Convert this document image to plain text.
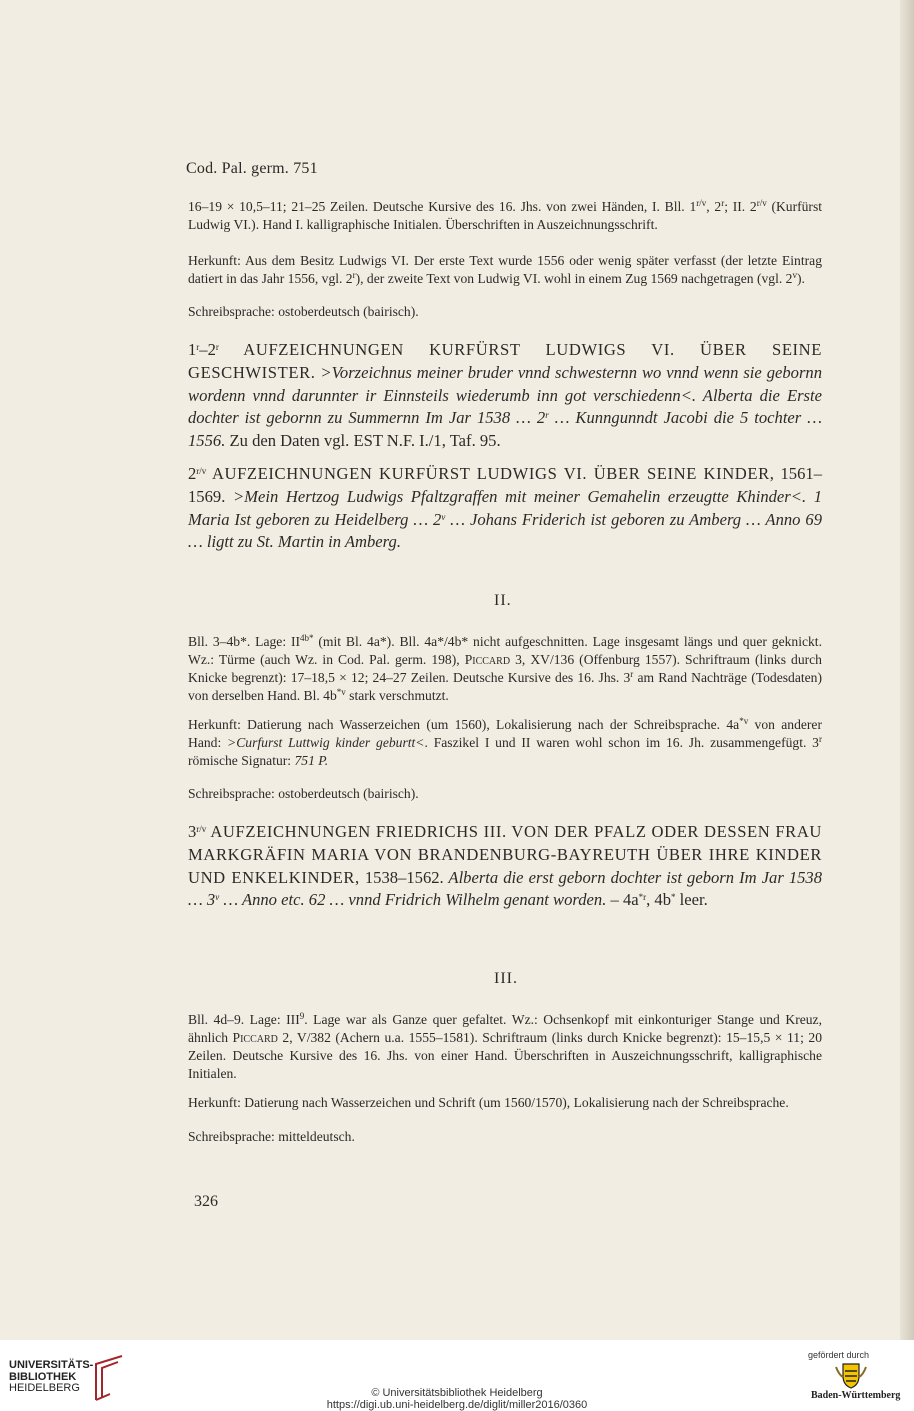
Cod. Pal. germ. 751

16–19 × 10,5–11; 21–25 Zeilen. Deutsche Kursive des 16. Jhs. von zwei Händen, I. Bll. $1^{r/v}$, 2$^r$; II. $2^{r/v}$ (Kurfürst Ludwig VI.). Hand I. kalligraphische Initialen. Überschriften in Auszeichnungsschrift.

Herkunft: Aus dem Besitz Ludwigs VI. Der erste Text wurde 1556 oder wenig später verfasst (der letzte Eintrag datiert in das Jahr 1556, vgl. 2$^r$), der zweite Text von Ludwig VI. wohl in einem Zug 1569 nachgetragen (vgl. 2$^v$).

Schreibsprache: ostoberdeutsch (bairisch).

1$^r$–2$^r$ AUFZEICHNUNGEN KURFÜRST LUDWIGS VI. ÜBER SEINE GESCHWISTER. >Vorzeichnus meiner bruder vnnd schwesternn wo vnnd wenn sie gebornn wordenn vnnd darunnter ir Einnsteils wiederumb inn got verschiedenn<. Alberta die Erste dochter ist gebornn zu Summernn Im Jar 1538 … 2$^r$ … Kunngunndt Jacobi die 5 tochter … 1556. Zu den Daten vgl. EST N.F. I./1, Taf. 95.

$2^{r/v}$ AUFZEICHNUNGEN KURFÜRST LUDWIGS VI. ÜBER SEINE KINDER, 1561–1569. >Mein Hertzog Ludwigs Pfaltzgraffen mit meiner Gemahelin erzeugtte Khinder<. 1 Maria Ist geboren zu Heidelberg … 2$^v$ … Johans Friderich ist geboren zu Amberg … Anno 69 … ligtt zu St. Martin in Amberg.

II.

Bll. 3–4b*. Lage: $II^{4b*}$ (mit Bl. 4a*). Bll. 4a*/4b* nicht aufgeschnitten. Lage insgesamt längs und quer geknickt. Wz.: Türme (auch Wz. in Cod. Pal. germ. 198), Piccard 3, XV/136 (Offenburg 1557). Schriftraum (links durch Knicke begrenzt): 17–18,5 × 12; 24–27 Zeilen. Deutsche Kursive des 16. Jhs. 3$^r$ am Rand Nachträge (Todesdaten) von derselben Hand. Bl. $4b^{*v}$ stark verschmutzt.

Herkunft: Datierung nach Wasserzeichen (um 1560), Lokalisierung nach der Schreibsprache. $4a^{*v}$ von anderer Hand: >Curfurst Luttwig kinder geburtt<. Faszikel I und II waren wohl schon im 16. Jh. zusammengefügt. 3$^r$ römische Signatur: 751 P.

Schreibsprache: ostoberdeutsch (bairisch).

$3^{r/v}$ AUFZEICHNUNGEN FRIEDRICHS III. VON DER PFALZ ODER DESSEN FRAU MARKGRÄFIN MARIA VON BRANDENBURG-BAYREUTH ÜBER IHRE KINDER UND ENKELKINDER, 1538–1562. Alberta die erst geborn dochter ist geborn Im Jar 1538 … 3$^v$ … Anno etc. 62 … vnnd Fridrich Wilhelm genant worden. – $4a^{*r}$, 4b* leer.

III.

Bll. 4d–9. Lage: III$^9$. Lage war als Ganze quer gefaltet. Wz.: Ochsenkopf mit einkonturiger Stange und Kreuz, ähnlich Piccard 2, V/382 (Achern u.a. 1555–1581). Schriftraum (links durch Knicke begrenzt): 15–15,5 × 11; 20 Zeilen. Deutsche Kursive des 16. Jhs. von einer Hand. Überschriften in Auszeichnungsschrift, kalligraphische Initialen.

Herkunft: Datierung nach Wasserzeichen und Schrift (um 1560/1570), Lokalisierung nach der Schreibsprache.

Schreibsprache: mitteldeutsch.

326
UNIVERSITÄTS-
BIBLIOTHEK
HEIDELBERG	© Universitätsbibliothek Heidelberg
https://digi.ub.uni-heidelberg.de/diglit/miller2016/0360
gefördert durch
Baden-Württemberg
